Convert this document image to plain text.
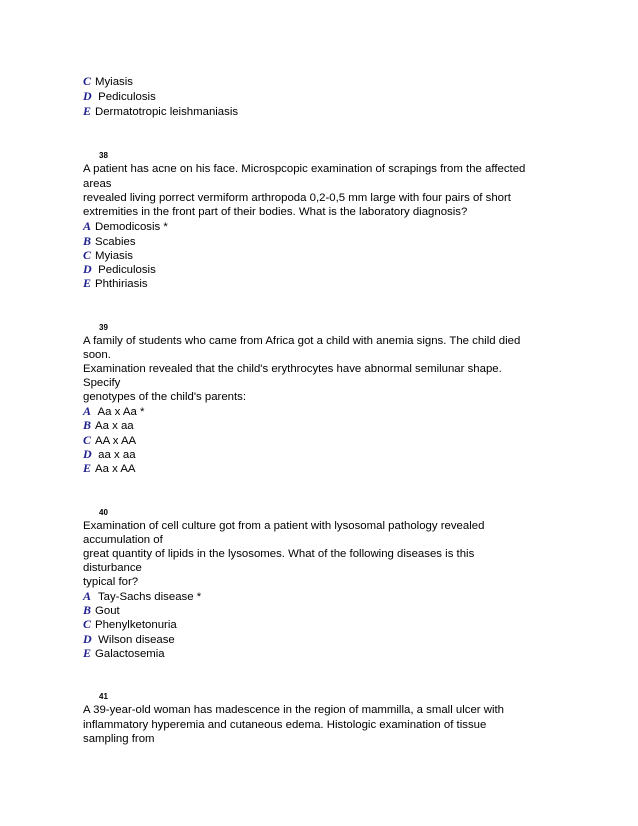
C Myiasis
D Pediculosis
E Dermatotropic leishmaniasis
38
A patient has acne on his face. Microspcopic examination of scrapings from the affected
areas
revealed living porrect vermiform arthropoda 0,2-0,5 mm large with four pairs of short
extremities in the front part of their bodies. What is the laboratory diagnosis?
A Demodicosis *
B Scabies
C Myiasis
D Pediculosis
E Phthiriasis
39
A family of students who came from Africa got a child with anemia signs. The child died
soon.
Examination revealed that the child's erythrocytes have abnormal semilunar shape.
Specify
genotypes of the child's parents:
A Aa x Aa *
B Aa x aa
C AA x AA
D aa x aa
E Aa x AA
40
Examination of cell culture got from a patient with lysosomal pathology revealed
accumulation of
great quantity of lipids in the lysosomes. What of the following diseases is this
disturbance
typical for?
A Tay-Sachs disease *
B Gout
C Phenylketonuria
D Wilson disease
E Galactosemia
41
A 39-year-old woman has madescence in the region of mammilla, a small ulcer with
inflammatory hyperemia and cutaneous edema. Histologic examination of tissue
sampling from
